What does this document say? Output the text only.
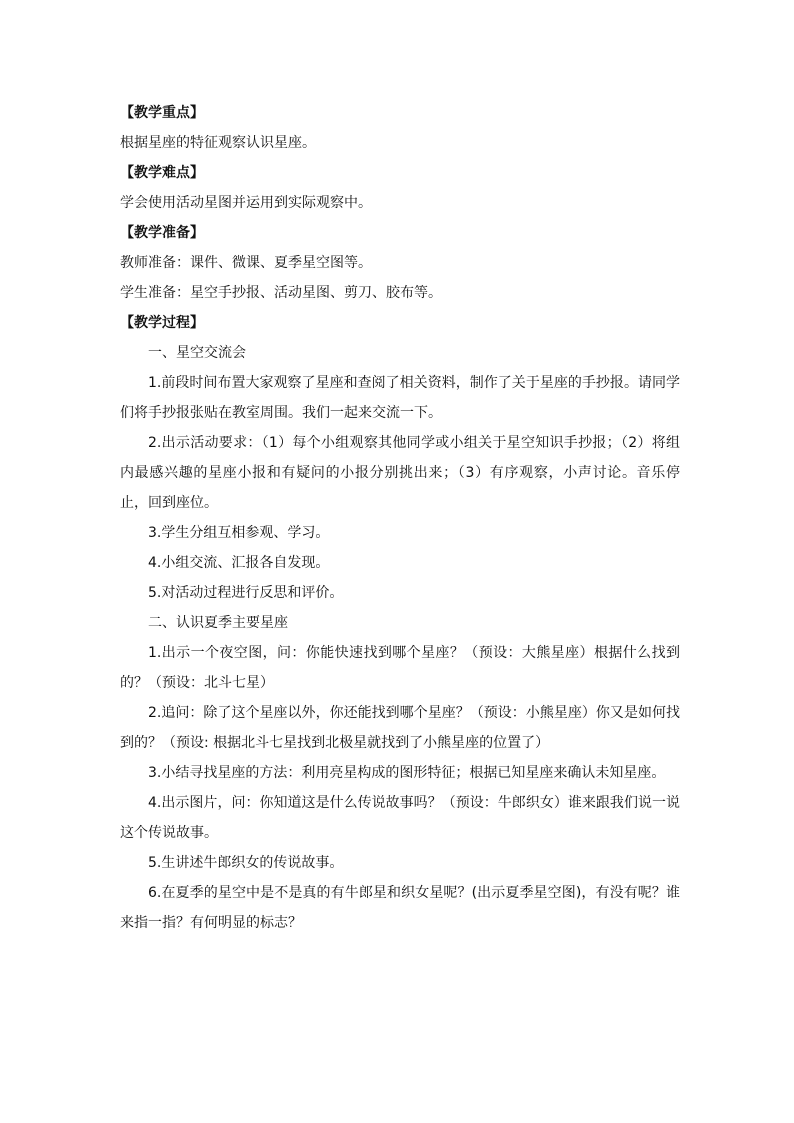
【教学重点】
根据星座的特征观察认识星座。
【教学难点】
学会使用活动星图并运用到实际观察中。
【教学准备】
教师准备：课件、微课、夏季星空图等。
学生准备：星空手抄报、活动星图、剪刀、胶布等。
【教学过程】
一、星空交流会
1.前段时间布置大家观察了星座和查阅了相关资料，制作了关于星座的手抄报。请同学们将手抄报张贴在教室周围。我们一起来交流一下。
2.出示活动要求：（1）每个小组观察其他同学或小组关于星空知识手抄报；（2）将组内最感兴趣的星座小报和有疑问的小报分别挑出来；（3）有序观察，小声讨论。音乐停止，回到座位。
3.学生分组互相参观、学习。
4.小组交流、汇报各自发现。
5.对活动过程进行反思和评价。
二、认识夏季主要星座
1.出示一个夜空图，问：你能快速找到哪个星座？（预设：大熊星座）根据什么找到的？（预设：北斗七星）
2.追问：除了这个星座以外，你还能找到哪个星座？（预设：小熊星座）你又是如何找到的？（预设: 根据北斗七星找到北极星就找到了小熊星座的位置了）
3.小结寻找星座的方法：利用亮星构成的图形特征；根据已知星座来确认未知星座。
4.出示图片，问：你知道这是什么传说故事吗？（预设：牛郎织女）谁来跟我们说一说这个传说故事。
5.生讲述牛郎织女的传说故事。
6.在夏季的星空中是不是真的有牛郎星和织女星呢？(出示夏季星空图)，有没有呢？谁来指一指？有何明显的标志？
